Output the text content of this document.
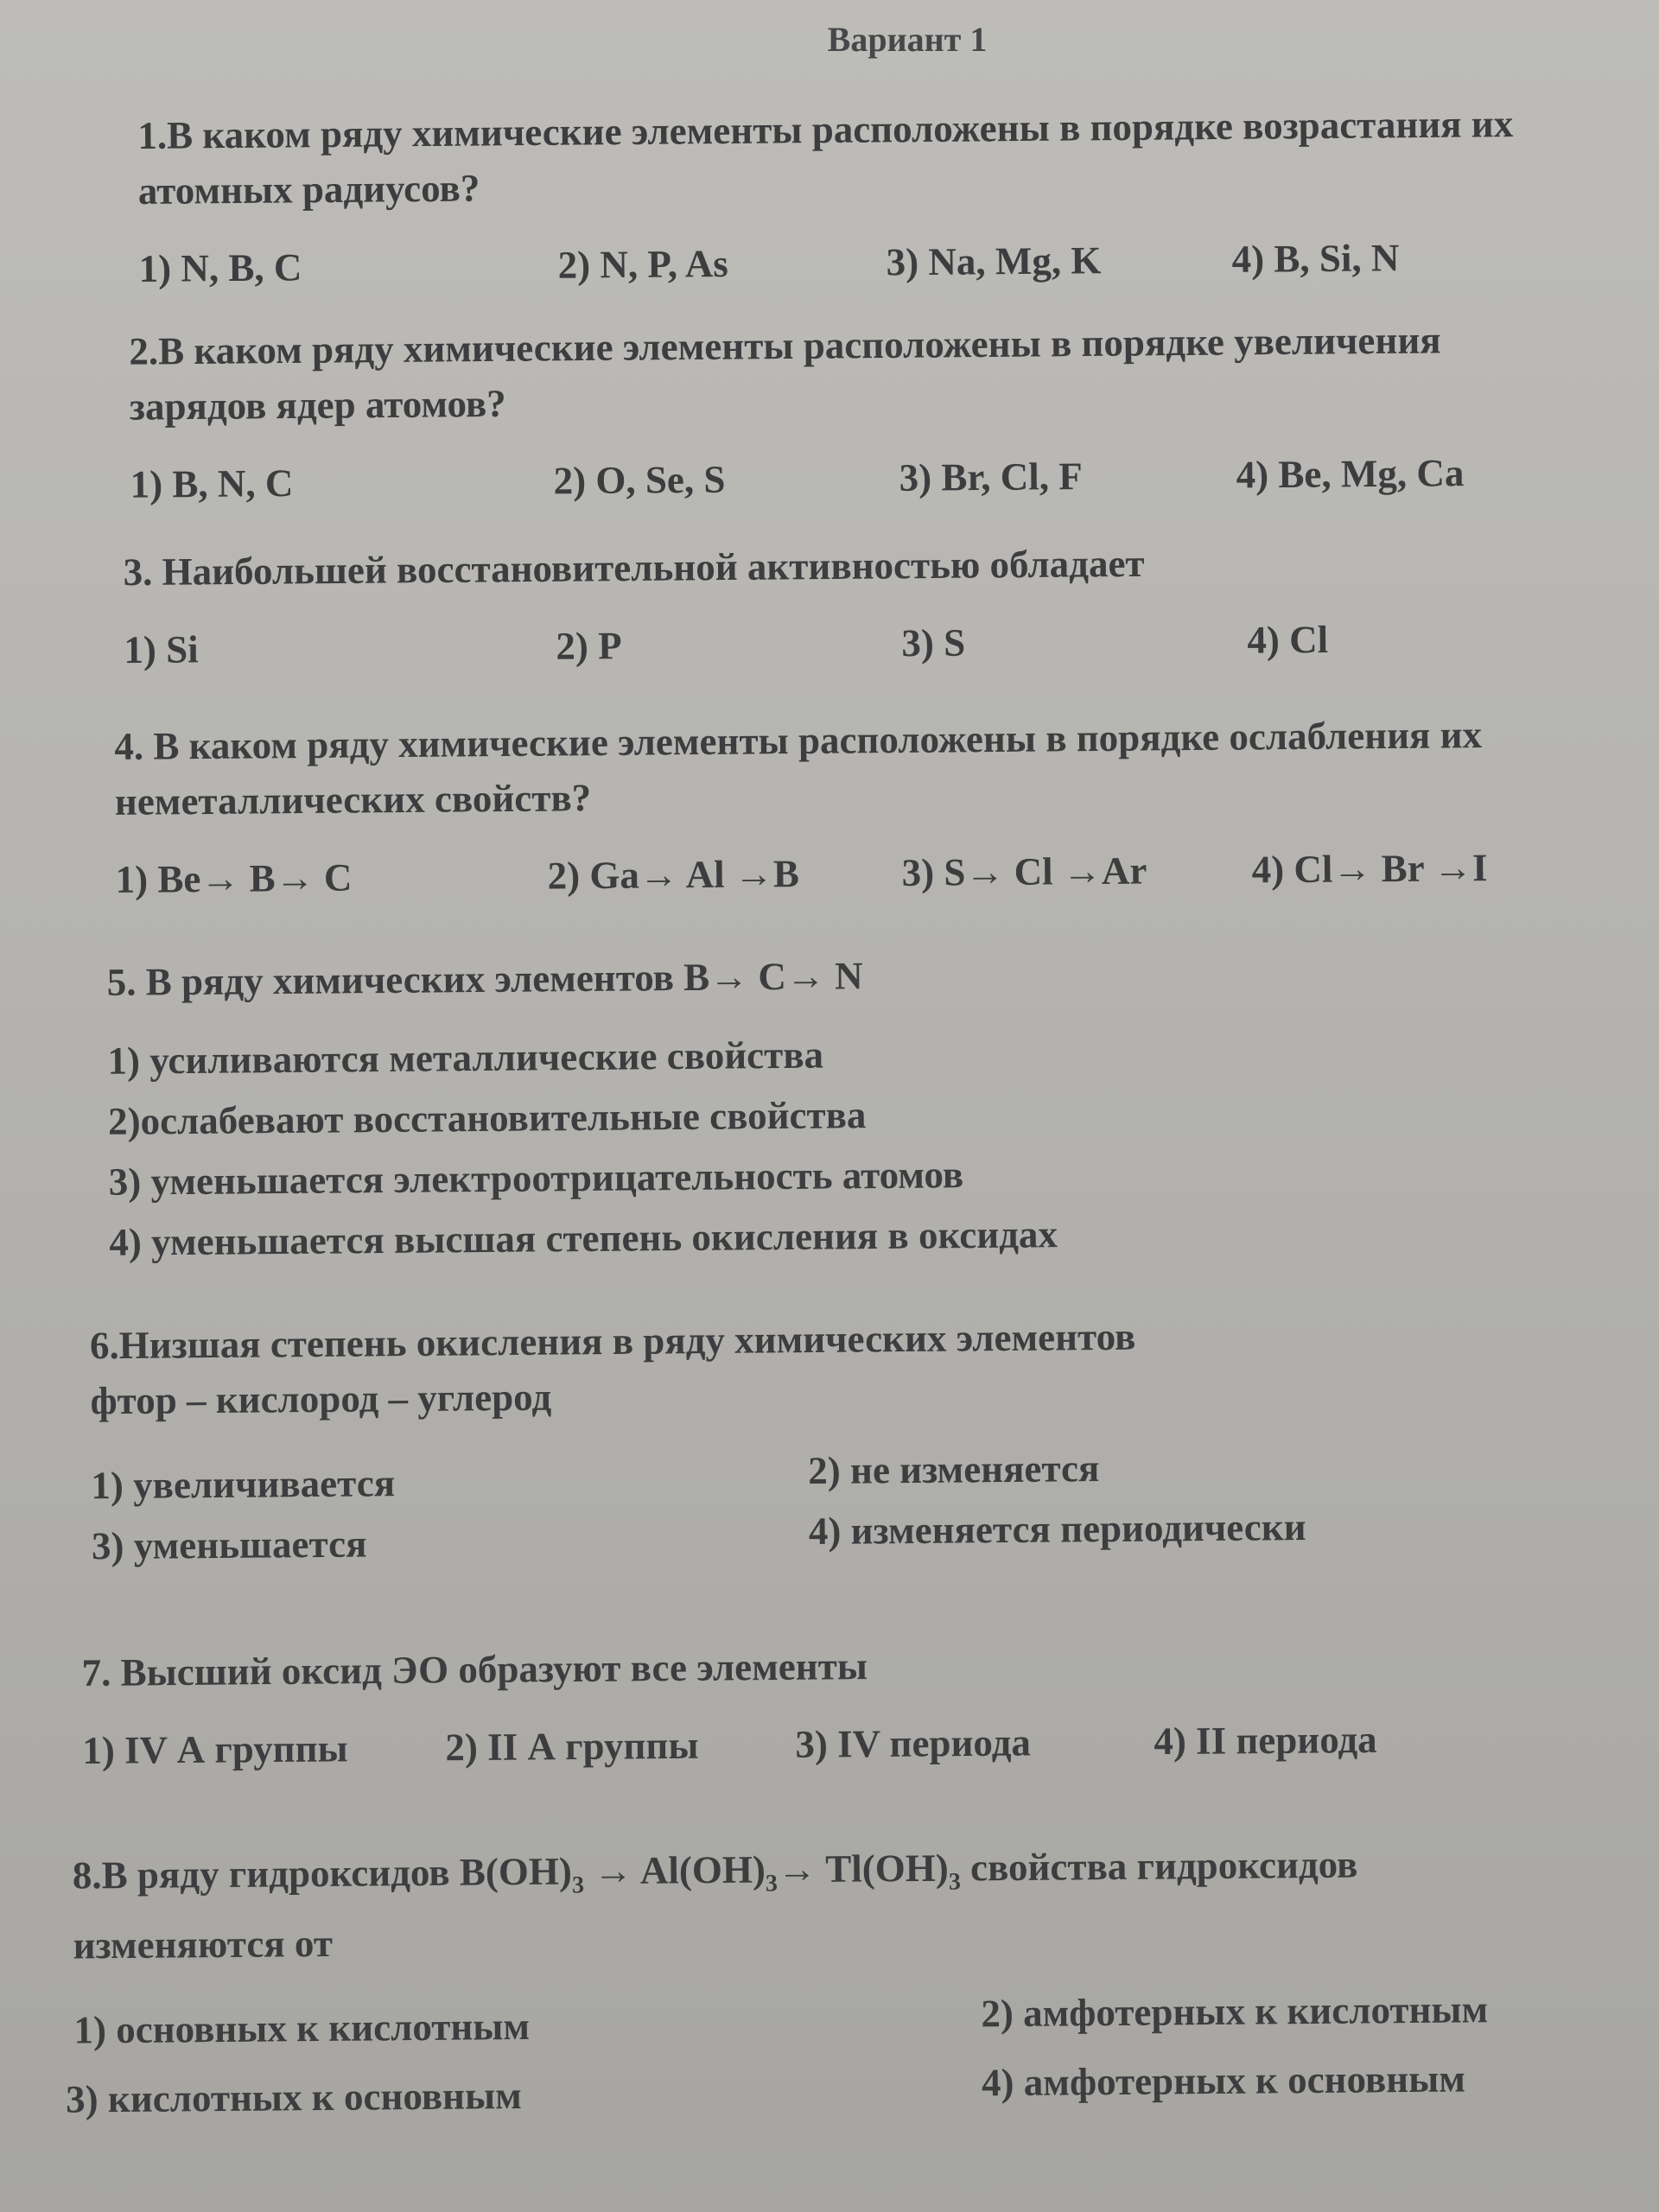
Вариант 1
1.В каком ряду химические элементы расположены в порядке возрастания их
атомных радиусов?
1) N, B, C	2) N, P, As	3) Na, Mg, K	4) B, Si, N
2.В каком ряду химические элементы расположены в порядке увеличения
зарядов ядер атомов?
1) B, N, C	2) O, Se, S	3) Br, Cl, F	4) Be, Mg, Ca
3. Наибольшей восстановительной активностью обладает
1) Si	2) P	3) S	4) Cl
4. В каком ряду химические элементы расположены в порядке ослабления их
неметаллических свойств?
1) Be→ B→ C	2) Ga→ Al →B	3) S→ Cl →Ar	4) Cl→ Br →I
5. В ряду химических элементов B→ C→ N
1) усиливаются металлические свойства
2)ослабевают восстановительные свойства
3) уменьшается электроотрицательность атомов
4) уменьшается высшая степень окисления в оксидах
6.Низшая степень окисления в ряду химических элементов
фтор – кислород – углерод
1) увеличивается	2) не изменяется
3) уменьшается	4) изменяется периодически
7. Высший оксид ЭО образуют все элементы
1) IV А группы 2) II А группы 3) IV периода	4) II периода
8.В ряду гидроксидов $B(OH)_3 \to Al(OH)_3\to Tl(OH)_3$ свойства гидроксидов
изменяются от
1) основных к кислотным	2) амфотерных к кислотным
3) кислотных к основным	4) амфотерных к основным
